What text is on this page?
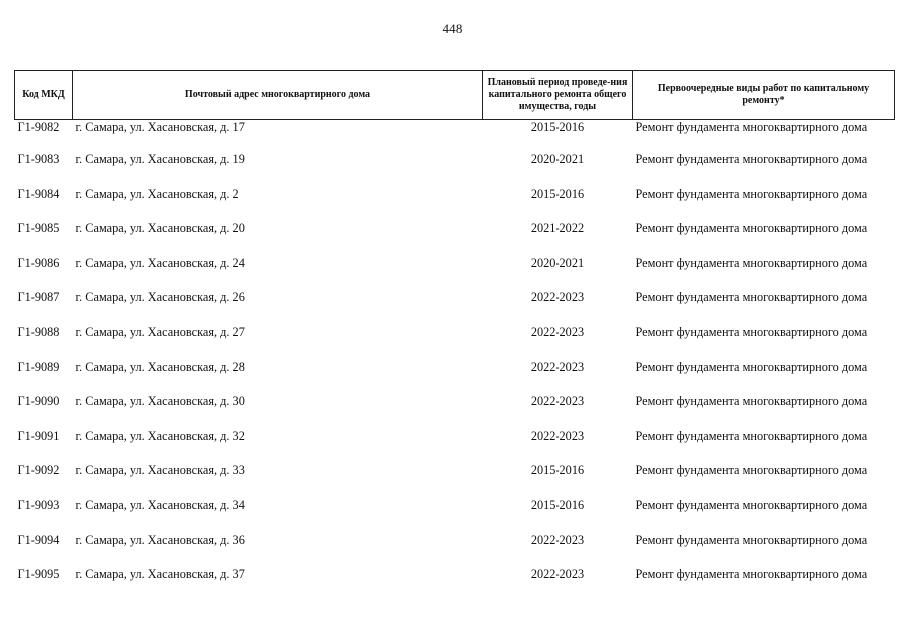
448
Код МКД	Почтовый адрес многоквартирного дома	Плановый период проведе-ния капитального ремонта общего имущества, годы	Первоочередные виды работ по капитальному ремонту*
Г1-9082	г. Самара, ул. Хасановская, д. 17	2015-2016	Ремонт фундамента многоквартирного дома
Г1-9083	г. Самара, ул. Хасановская, д. 19	2020-2021	Ремонт фундамента многоквартирного дома
Г1-9084	г. Самара, ул. Хасановская, д. 2	2015-2016	Ремонт фундамента многоквартирного дома
Г1-9085	г. Самара, ул. Хасановская, д. 20	2021-2022	Ремонт фундамента многоквартирного дома
Г1-9086	г. Самара, ул. Хасановская, д. 24	2020-2021	Ремонт фундамента многоквартирного дома
Г1-9087	г. Самара, ул. Хасановская, д. 26	2022-2023	Ремонт фундамента многоквартирного дома
Г1-9088	г. Самара, ул. Хасановская, д. 27	2022-2023	Ремонт фундамента многоквартирного дома
Г1-9089	г. Самара, ул. Хасановская, д. 28	2022-2023	Ремонт фундамента многоквартирного дома
Г1-9090	г. Самара, ул. Хасановская, д. 30	2022-2023	Ремонт фундамента многоквартирного дома
Г1-9091	г. Самара, ул. Хасановская, д. 32	2022-2023	Ремонт фундамента многоквартирного дома
Г1-9092	г. Самара, ул. Хасановская, д. 33	2015-2016	Ремонт фундамента многоквартирного дома
Г1-9093	г. Самара, ул. Хасановская, д. 34	2015-2016	Ремонт фундамента многоквартирного дома
Г1-9094	г. Самара, ул. Хасановская, д. 36	2022-2023	Ремонт фундамента многоквартирного дома
Г1-9095	г. Самара, ул. Хасановская, д. 37	2022-2023	Ремонт фундамента многоквартирного дома
